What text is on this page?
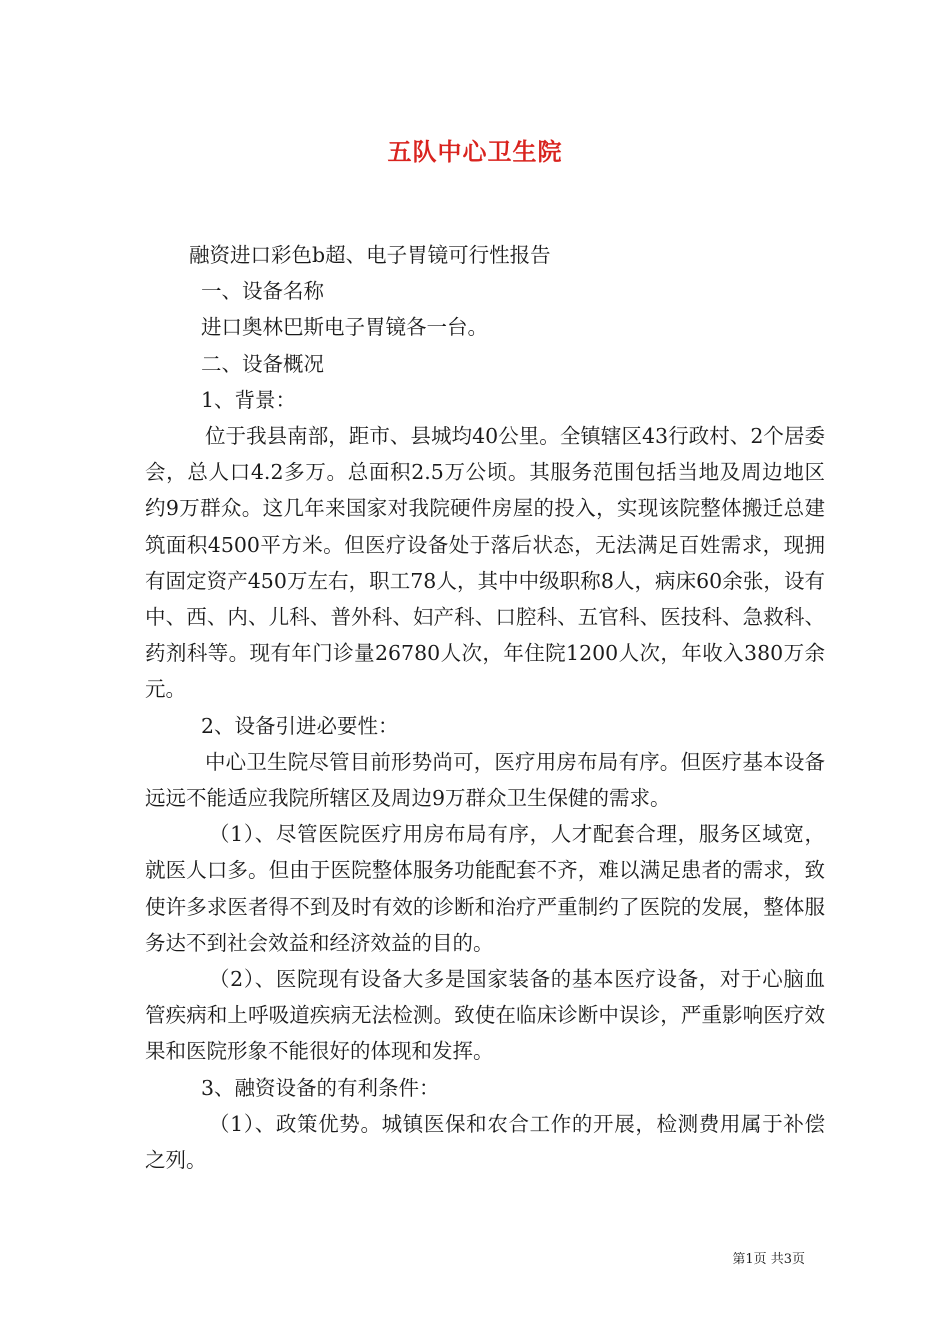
五队中心卫生院

融资进口彩色b超、电子胃镜可行性报告

一、设备名称

进口奥林巴斯电子胃镜各一台。

二、设备概况

1、背景：

位于我县南部，距市、县城均40公里。全镇辖区43行政村、2个居委会，总人口4.2多万。总面积2.5万公顷。其服务范围包括当地及周边地区约9万群众。这几年来国家对我院硬件房屋的投入，实现该院整体搬迁总建筑面积4500平方米。但医疗设备处于落后状态，无法满足百姓需求，现拥有固定资产450万左右，职工78人，其中中级职称8人，病床60余张，设有中、西、内、儿科、普外科、妇产科、口腔科、五官科、医技科、急救科、药剂科等。现有年门诊量26780人次，年住院1200人次，年收入380万余元。

2、设备引进必要性：

中心卫生院尽管目前形势尚可，医疗用房布局有序。但医疗基本设备远远不能适应我院所辖区及周边9万群众卫生保健的需求。

（1）、尽管医院医疗用房布局有序，人才配套合理，服务区域宽，就医人口多。但由于医院整体服务功能配套不齐，难以满足患者的需求，致使许多求医者得不到及时有效的诊断和治疗严重制约了医院的发展，整体服务达不到社会效益和经济效益的目的。

（2）、医院现有设备大多是国家装备的基本医疗设备，对于心脑血管疾病和上呼吸道疾病无法检测。致使在临床诊断中误诊，严重影响医疗效果和医院形象不能很好的体现和发挥。

3、融资设备的有利条件：

（1）、政策优势。城镇医保和农合工作的开展，检测费用属于补偿之列。

第1页 共3页
